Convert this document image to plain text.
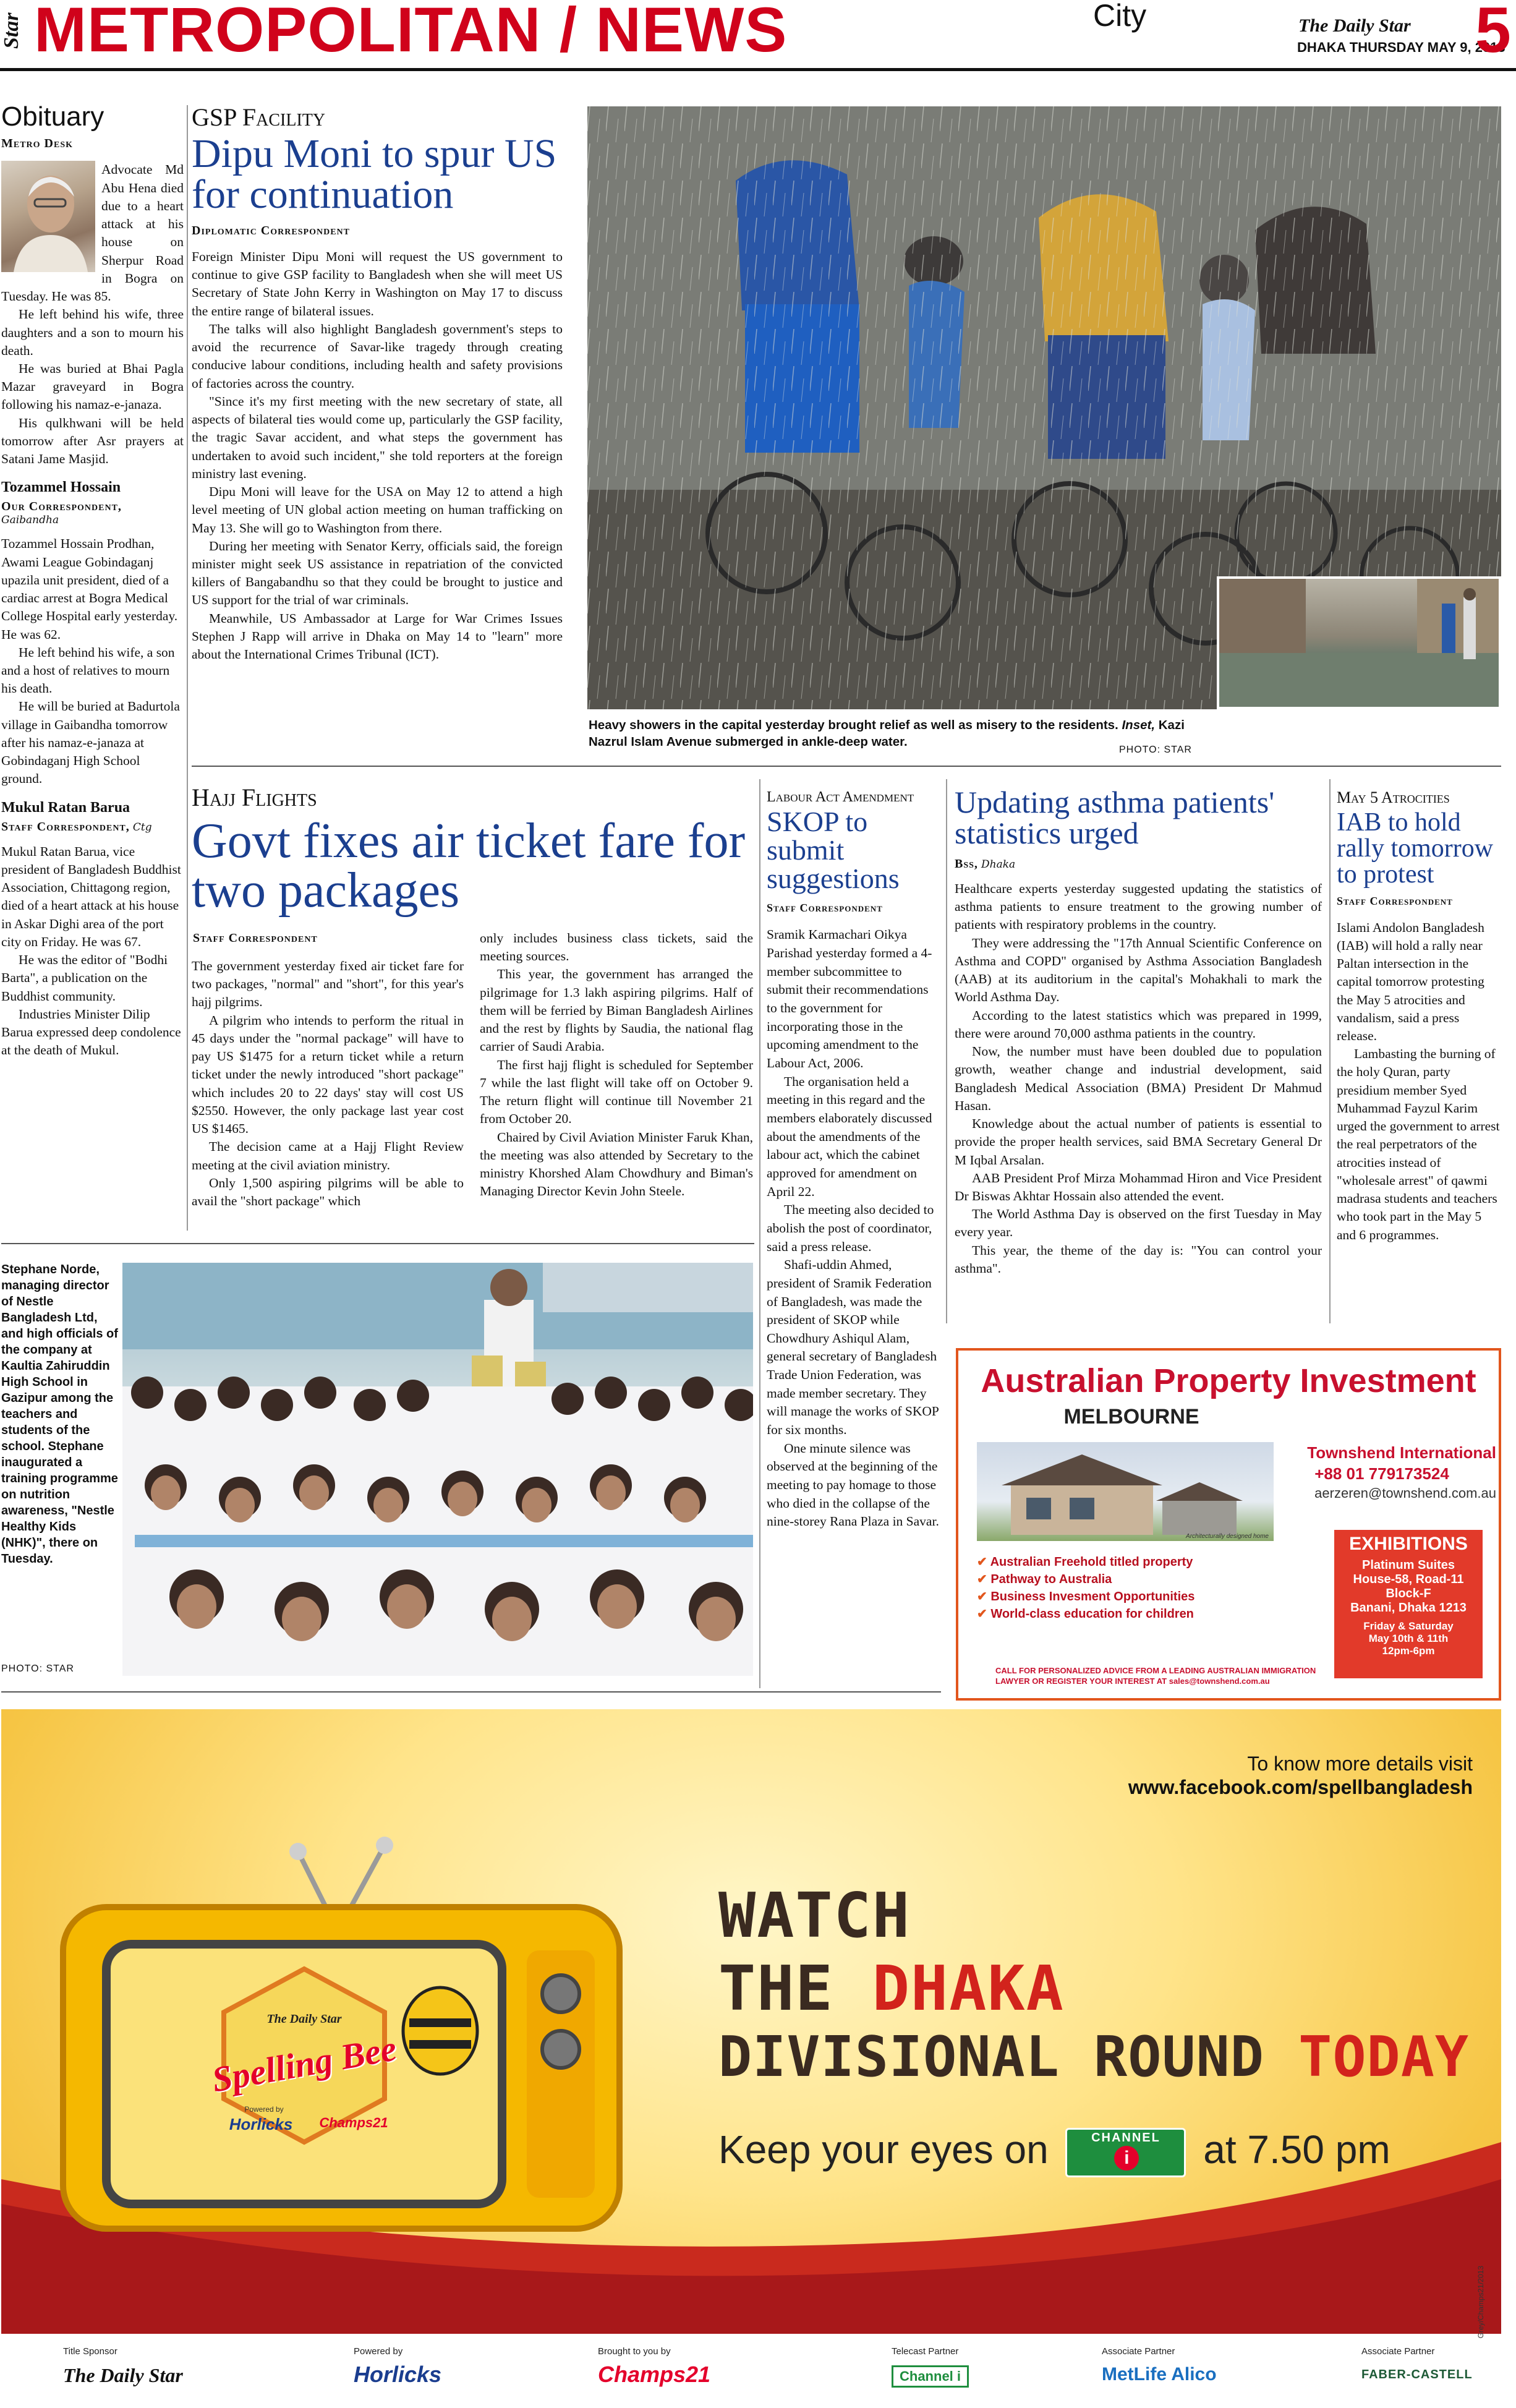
Star METROPOLITAN / NEWS	City	The Daily Star
DHAKA THURSDAY MAY 9, 2013
5
Obituary
Metro Desk

Advocate Md Abu Hena died due to a heart attack at his house on Sherpur Road in Bogra on Tuesday. He was 85.

He left behind his wife, three daughters and a son to mourn his death.

He was buried at Bhai Pagla Mazar graveyard in Bogra following his namaz-e-janaza.

His qulkhwani will be held tomorrow after Asr prayers at Satani Jame Masjid.

Tozammel Hossain
Our Correspondent,
Gaibandha

Tozammel Hossain Prodhan, Awami League Gobindaganj upazila unit president, died of a cardiac arrest at Bogra Medical College Hospital early yesterday. He was 62.

He left behind his wife, a son and a host of relatives to mourn his death.

He will be buried at Badurtola village in Gaibandha tomorrow after his namaz-e-janaza at Gobindaganj High School ground.

Mukul Ratan Barua
Staff Correspondent, Ctg

Mukul Ratan Barua, vice president of Bangladesh Buddhist Association, Chittagong region, died of a heart attack at his house in Askar Dighi area of the port city on Friday. He was 67.

He was the editor of "Bodhi Barta", a publication on the Buddhist community.

Industries Minister Dilip Barua expressed deep condolence at the death of Mukul.

GSP Facility
Dipu Moni to spur US for continuation
Diplomatic Correspondent

Foreign Minister Dipu Moni will request the US government to continue to give GSP facility to Bangladesh when she will meet US Secretary of State John Kerry in Washington on May 17 to discuss the entire range of bilateral issues.

The talks will also highlight Bangladesh government's steps to avoid the recurrence of Savar-like tragedy through creating conducive labour conditions, including health and safety provisions of factories across the country.

"Since it's my first meeting with the new secretary of state, all aspects of bilateral ties would come up, particularly the GSP facility, the tragic Savar accident, and what steps the government has undertaken to avoid such incident," she told reporters at the foreign ministry last evening.

Dipu Moni will leave for the USA on May 12 to attend a high level meeting of UN global action meeting on human trafficking on May 13. She will go to Washington from there.

During her meeting with Senator Kerry, officials said, the foreign minister might seek US assistance in repatriation of the convicted killers of Bangabandhu so that they could be brought to justice and US support for the trial of war criminals.

Meanwhile, US Ambassador at Large for War Crimes Issues Stephen J Rapp will arrive in Dhaka on May 14 to "learn" more about the International Crimes Tribunal (ICT).

Heavy showers in the capital yesterday brought relief as well as misery to the residents. Inset, Kazi Nazrul Islam Avenue submerged in ankle-deep water.
PHOTO: STAR
Hajj Flights
Govt fixes air ticket fare for two packages
Staff Correspondent

The government yesterday fixed air ticket fare for two packages, "normal" and "short", for this year's hajj pilgrims.

A pilgrim who intends to perform the ritual in 45 days under the "normal package" will have to pay US $1475 for a return ticket while a return ticket under the newly introduced "short package" which includes 20 to 22 days' stay will cost US $2550. However, the only package last year cost US $1465.

The decision came at a Hajj Flight Review meeting at the civil aviation ministry.

Only 1,500 aspiring pilgrims will be able to avail the "short package" which

only includes business class tickets, said the meeting sources.

This year, the government has arranged the pilgrimage for 1.3 lakh aspiring pilgrims. Half of them will be ferried by Biman Bangladesh Airlines and the rest by flights by Saudia, the national flag carrier of Saudi Arabia.

The first hajj flight is scheduled for September 7 while the last flight will take off on October 9. The return flight will continue till November 21 from October 20.

Chaired by Civil Aviation Minister Faruk Khan, the meeting was also attended by Secretary to the ministry Khorshed Alam Chowdhury and Biman's Managing Director Kevin John Steele.

Labour Act Amendment
SKOP to submit suggestions
Staff Correspondent

Sramik Karmachari Oikya Parishad yesterday formed a 4-member subcommittee to submit their recommendations to the government for incorporating those in the upcoming amendment to the Labour Act, 2006.

The organisation held a meeting in this regard and the members elaborately discussed about the amendments of the labour act, which the cabinet approved for amendment on April 22.

The meeting also decided to abolish the post of coordinator, said a press release.

Shafi-uddin Ahmed, president of Sramik Federation of Bangladesh, was made the president of SKOP while Chowdhury Ashiqul Alam, general secretary of Bangladesh Trade Union Federation, was made member secretary. They will manage the works of SKOP for six months.

One minute silence was observed at the beginning of the meeting to pay homage to those who died in the collapse of the nine-storey Rana Plaza in Savar.

Updating asthma patients' statistics urged
Bss, Dhaka

Healthcare experts yesterday suggested updating the statistics of asthma patients to ensure treatment to the growing number of patients with respiratory problems in the country.

They were addressing the "17th Annual Scientific Conference on Asthma and COPD" organised by Asthma Association Bangladesh (AAB) at its auditorium in the capital's Mohakhali to mark the World Asthma Day.

According to the latest statistics which was prepared in 1999, there were around 70,000 asthma patients in the country.

Now, the number must have been doubled due to population growth, weather change and industrial development, said Bangladesh Medical Association (BMA) President Dr Mahmud Hasan.

Knowledge about the actual number of patients is essential to provide the proper health services, said BMA Secretary General Dr M Iqbal Arsalan.

AAB President Prof Mirza Mohammad Hiron and Vice President Dr Biswas Akhtar Hossain also attended the event.

The World Asthma Day is observed on the first Tuesday in May every year.

This year, the theme of the day is: "You can control your asthma".

May 5 Atrocities
IAB to hold rally tomorrow to protest
Staff Correspondent

Islami Andolon Bangladesh (IAB) will hold a rally near Paltan intersection in the capital tomorrow protesting the May 5 atrocities and vandalism, said a press release.

Lambasting the burning of the holy Quran, party presidium member Syed Muhammad Fayzul Karim urged the government to arrest the real perpetrators of the atrocities instead of "wholesale arrest" of qawmi madrasa students and teachers who took part in the May 5 and 6 programmes.

Stephane Norde, managing director of Nestle Bangladesh Ltd, and high officials of the company at Kaultia Zahiruddin High School in Gazipur among the teachers and students of the school. Stephane inaugurated a training programme on nutrition awareness, "Nestle Healthy Kids (NHK)", there on Tuesday.
PHOTO: STAR
Australian Property Investment
MELBOURNE
Townshend International
+88 01 779173524
aerzeren@townshend.com.au
Architecturally designed home
✔ Australian Freehold titled property
✔ Pathway to Australia
✔ Business Invesment Opportunities
✔ World-class education for children
CALL FOR PERSONALIZED ADVICE FROM A LEADING AUSTRALIAN IMMIGRATION LAWYER OR REGISTER YOUR INTEREST AT sales@townshend.com.au
EXHIBITIONS
Platinum Suites
House-58, Road-11
Block-F
Banani, Dhaka 1213
Friday & Saturday
May 10th & 11th
12pm-6pm
To know more details visit
www.facebook.com/spellbangladesh
The Daily Star
Spelling Bee
Powered by
Horlicks	Champs21
WATCH
THE DHAKA
DIVISIONAL ROUND TODAY
Keep your eyes on	CHANNEL
i at 7.50 pm
Grey/Champs21/2013
Title Sponsor
The Daily Star
Powered by
Horlicks
Brought to you by
Champs21
Telecast Partner
Channel i
Associate Partner
MetLife Alico
Associate Partner
FABER-CASTELL
